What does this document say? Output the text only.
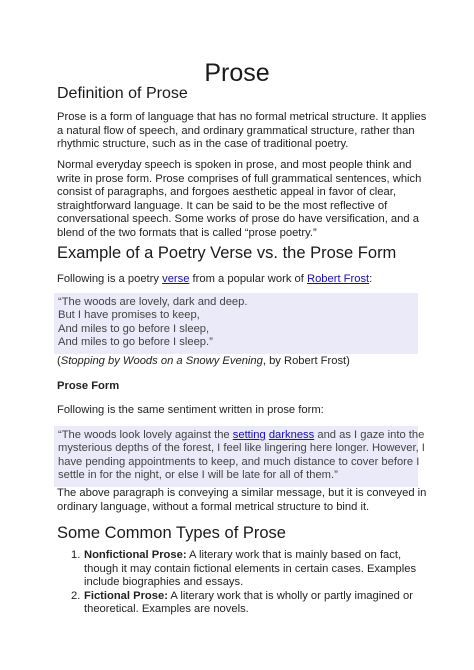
Prose
Definition of Prose
Prose is a form of language that has no formal metrical structure. It applies
a natural flow of speech, and ordinary grammatical structure, rather than
rhythmic structure, such as in the case of traditional poetry.
Normal everyday speech is spoken in prose, and most people think and
write in prose form. Prose comprises of full grammatical sentences, which
consist of paragraphs, and forgoes aesthetic appeal in favor of clear,
straightforward language. It can be said to be the most reflective of
conversational speech. Some works of prose do have versification, and a
blend of the two formats that is called “prose poetry.”
Example of a Poetry Verse vs. the Prose Form
Following is a poetry verse from a popular work of Robert Frost:
“The woods are lovely, dark and deep.
But I have promises to keep,
And miles to go before I sleep,
And miles to go before I sleep.”
(Stopping by Woods on a Snowy Evening, by Robert Frost)
Prose Form
Following is the same sentiment written in prose form:
“The woods look lovely against the setting darkness and as I gaze into the
mysterious depths of the forest, I feel like lingering here longer. However, I
have pending appointments to keep, and much distance to cover before I
settle in for the night, or else I will be late for all of them.”
The above paragraph is conveying a similar message, but it is conveyed in
ordinary language, without a formal metrical structure to bind it.
Some Common Types of Prose
1. Nonfictional Prose: A literary work that is mainly based on fact,
though it may contain fictional elements in certain cases. Examples
include biographies and essays.
2. Fictional Prose: A literary work that is wholly or partly imagined or
theoretical. Examples are novels.
